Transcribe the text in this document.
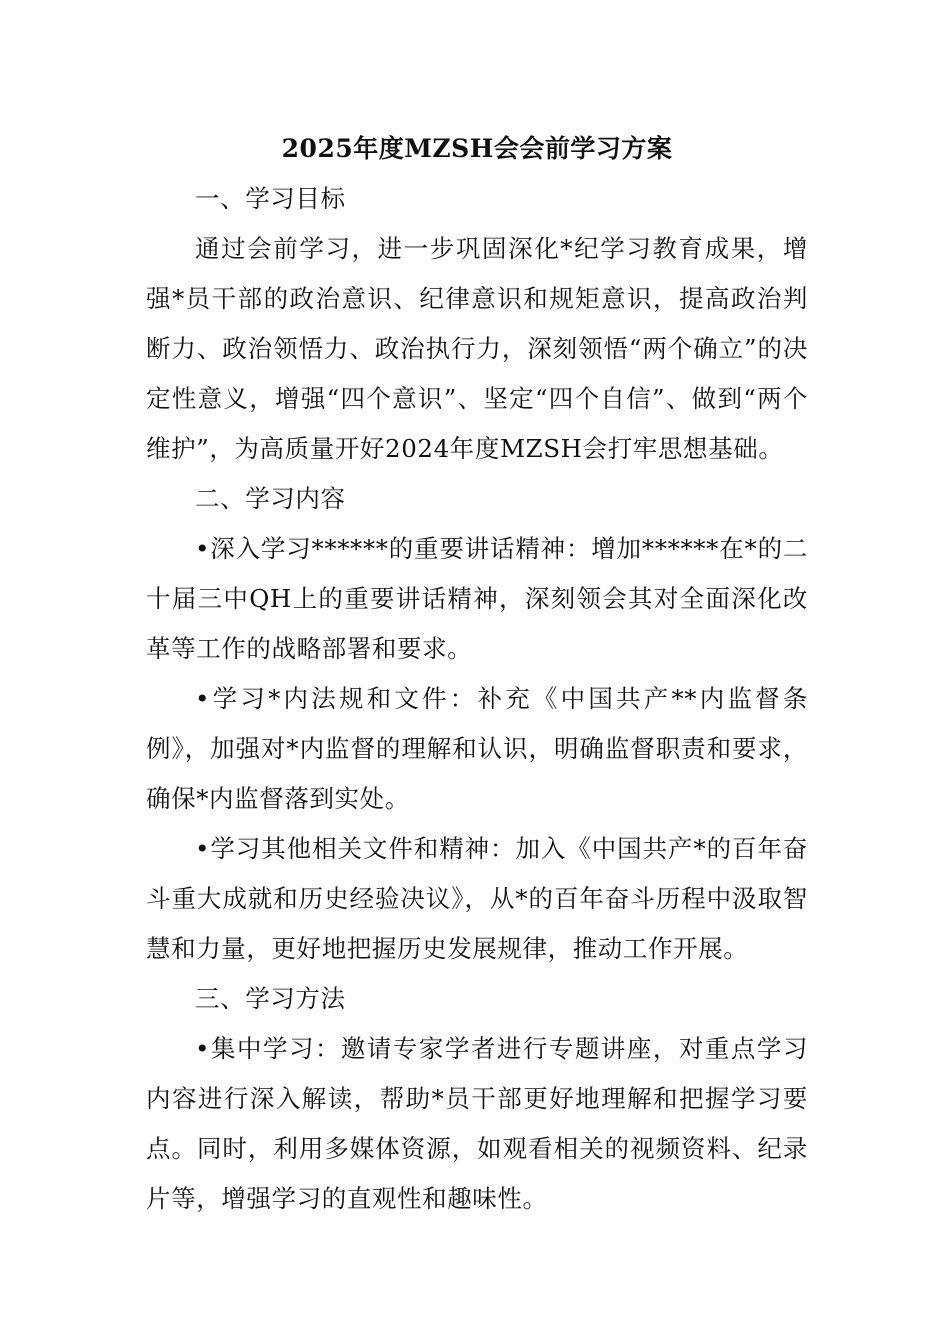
2025年度MZSH会会前学习方案

一、学习目标

通过会前学习，进一步巩固深化*纪学习教育成果，增强*员干部的政治意识、纪律意识和规矩意识，提高政治判断力、政治领悟力、政治执行力，深刻领悟“两个确立”的决定性意义，增强“四个意识”、坚定“四个自信”、做到“两个维护”，为高质量开好2024年度MZSH会打牢思想基础。

二、学习内容

•深入学习******的重要讲话精神：增加******在*的二十届三中QH上的重要讲话精神，深刻领会其对全面深化改革等工作的战略部署和要求。

•学习*内法规和文件：补充《中国共产**内监督条例》，加强对*内监督的理解和认识，明确监督职责和要求，确保*内监督落到实处。

•学习其他相关文件和精神：加入《中国共产*的百年奋斗重大成就和历史经验决议》，从*的百年奋斗历程中汲取智慧和力量，更好地把握历史发展规律，推动工作开展。

三、学习方法

•集中学习：邀请专家学者进行专题讲座，对重点学习内容进行深入解读，帮助*员干部更好地理解和把握学习要点。同时，利用多媒体资源，如观看相关的视频资料、纪录片等，增强学习的直观性和趣味性。
